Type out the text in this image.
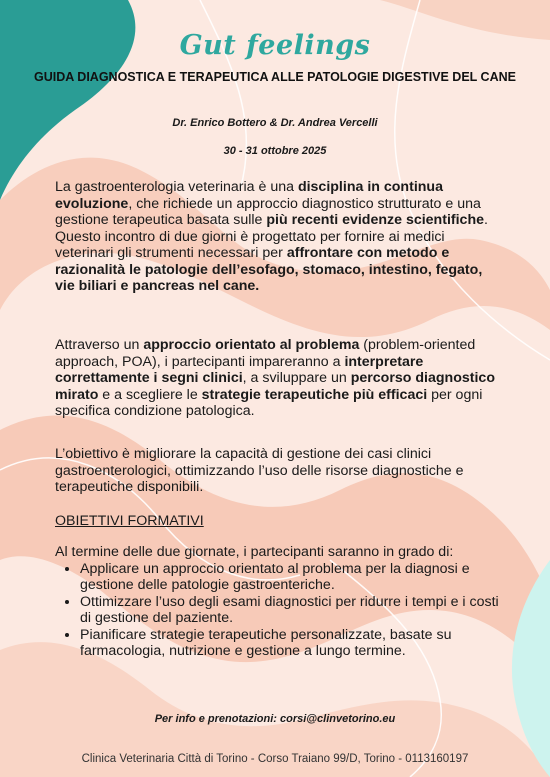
Gut feelings
GUIDA DIAGNOSTICA E TERAPEUTICA ALLE PATOLOGIE DIGESTIVE DEL CANE
Dr. Enrico Bottero & Dr. Andrea Vercelli
30 - 31 ottobre 2025
La gastroenterologia veterinaria è una disciplina in continua evoluzione, che richiede un approccio diagnostico strutturato e una gestione terapeutica basata sulle più recenti evidenze scientifiche. Questo incontro di due giorni è progettato per fornire ai medici veterinari gli strumenti necessari per affrontare con metodo e razionalità le patologie dell’esofago, stomaco, intestino, fegato, vie biliari e pancreas nel cane.
Attraverso un approccio orientato al problema (problem-oriented approach, POA), i partecipanti impareranno a interpretare correttamente i segni clinici, a sviluppare un percorso diagnostico mirato e a scegliere le strategie terapeutiche più efficaci per ogni specifica condizione patologica.
L’obiettivo è migliorare la capacità di gestione dei casi clinici gastroenterologici, ottimizzando l’uso delle risorse diagnostiche e terapeutiche disponibili.
OBIETTIVI FORMATIVI
Al termine delle due giornate, i partecipanti saranno in grado di:
• Applicare un approccio orientato al problema per la diagnosi e gestione delle patologie gastroenteriche.
• Ottimizzare l’uso degli esami diagnostici per ridurre i tempi e i costi di gestione del paziente.
• Pianificare strategie terapeutiche personalizzate, basate su farmacologia, nutrizione e gestione a lungo termine.
Per info e prenotazioni: corsi@clinvetorino.eu
Clinica Veterinaria Città di Torino - Corso Traiano 99/D, Torino - 0113160197
